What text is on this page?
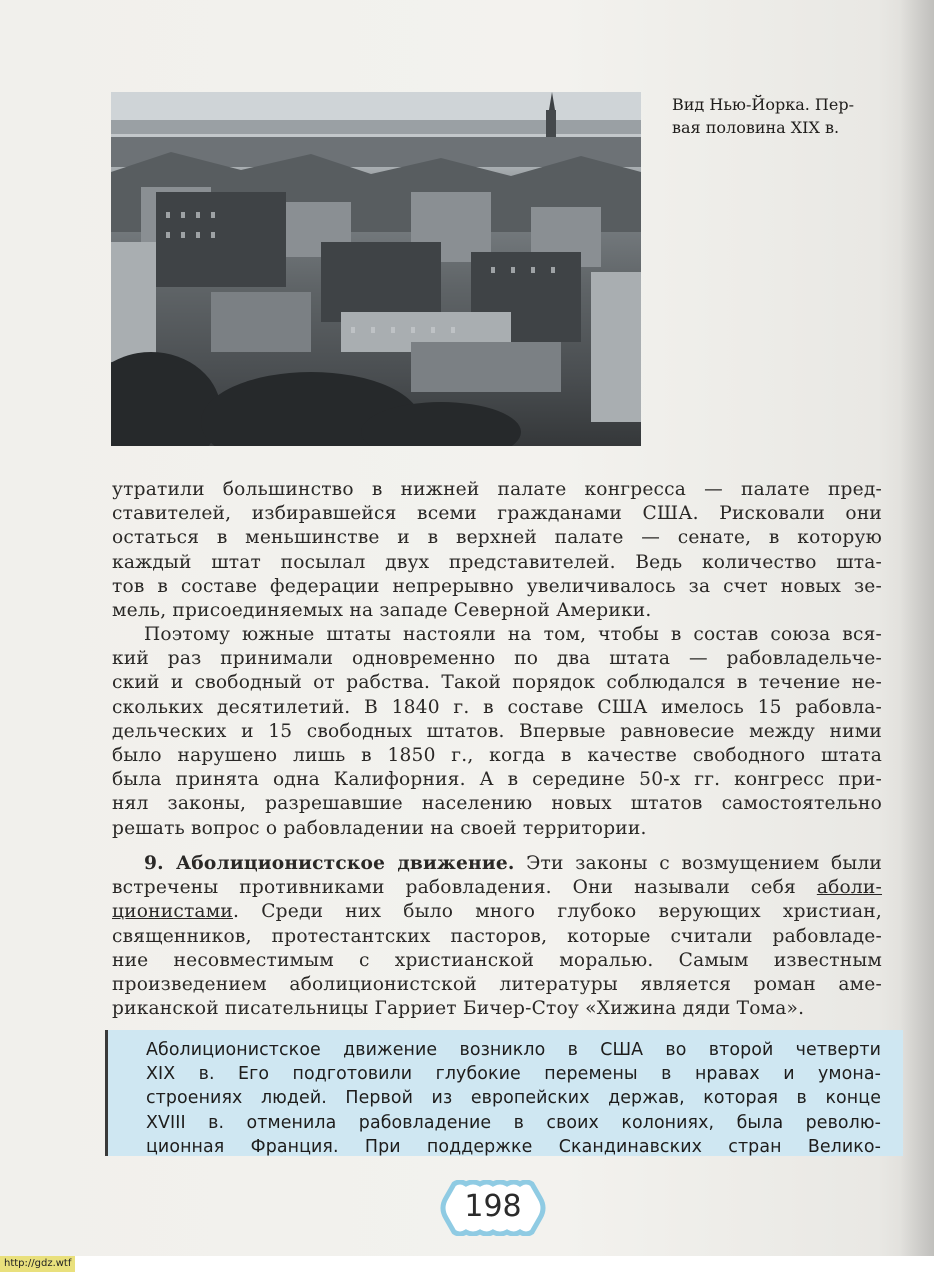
Вид Нью-Йорка. Пер-
вая половина XIX в.
утратили большинство в нижней палате конгресса — палате пред-
ставителей, избиравшейся всеми гражданами США. Рисковали они
остаться в меньшинстве и в верхней палате — сенате, в которую
каждый штат посылал двух представителей. Ведь количество шта-
тов в составе федерации непрерывно увеличивалось за счет новых зе-
мель, присоединяемых на западе Северной Америки.
Поэтому южные штаты настояли на том, чтобы в состав союза вся-
кий раз принимали одновременно по два штата — рабовладельче-
ский и свободный от рабства. Такой порядок соблюдался в течение не-
скольких десятилетий. В 1840 г. в составе США имелось 15 рабовла-
дельческих и 15 свободных штатов. Впервые равновесие между ними
было нарушено лишь в 1850 г., когда в качестве свободного штата
была принята одна Калифорния. А в середине 50-х гг. конгресс при-
нял законы, разрешавшие населению новых штатов самостоятельно
решать вопрос о рабовладении на своей территории.
9. Аболиционистское движение. Эти законы с возмущением были
встречены противниками рабовладения. Они называли себя аболи-
ционистами. Среди них было много глубоко верующих христиан,
священников, протестантских пасторов, которые считали рабовладе-
ние несовместимым с христианской моралью. Самым известным
произведением аболиционистской литературы является роман аме-
риканской писательницы Гарриет Бичер-Стоу «Хижина дяди Тома».
Аболиционистское движение возникло в США во второй четверти
XIX в. Его подготовили глубокие перемены в нравах и умона-
строениях людей. Первой из европейских держав, которая в конце
XVIII в. отменила рабовладение в своих колониях, была револю-
ционная Франция. При поддержке Скандинавских стран Велико-
198
http://gdz.wtf
